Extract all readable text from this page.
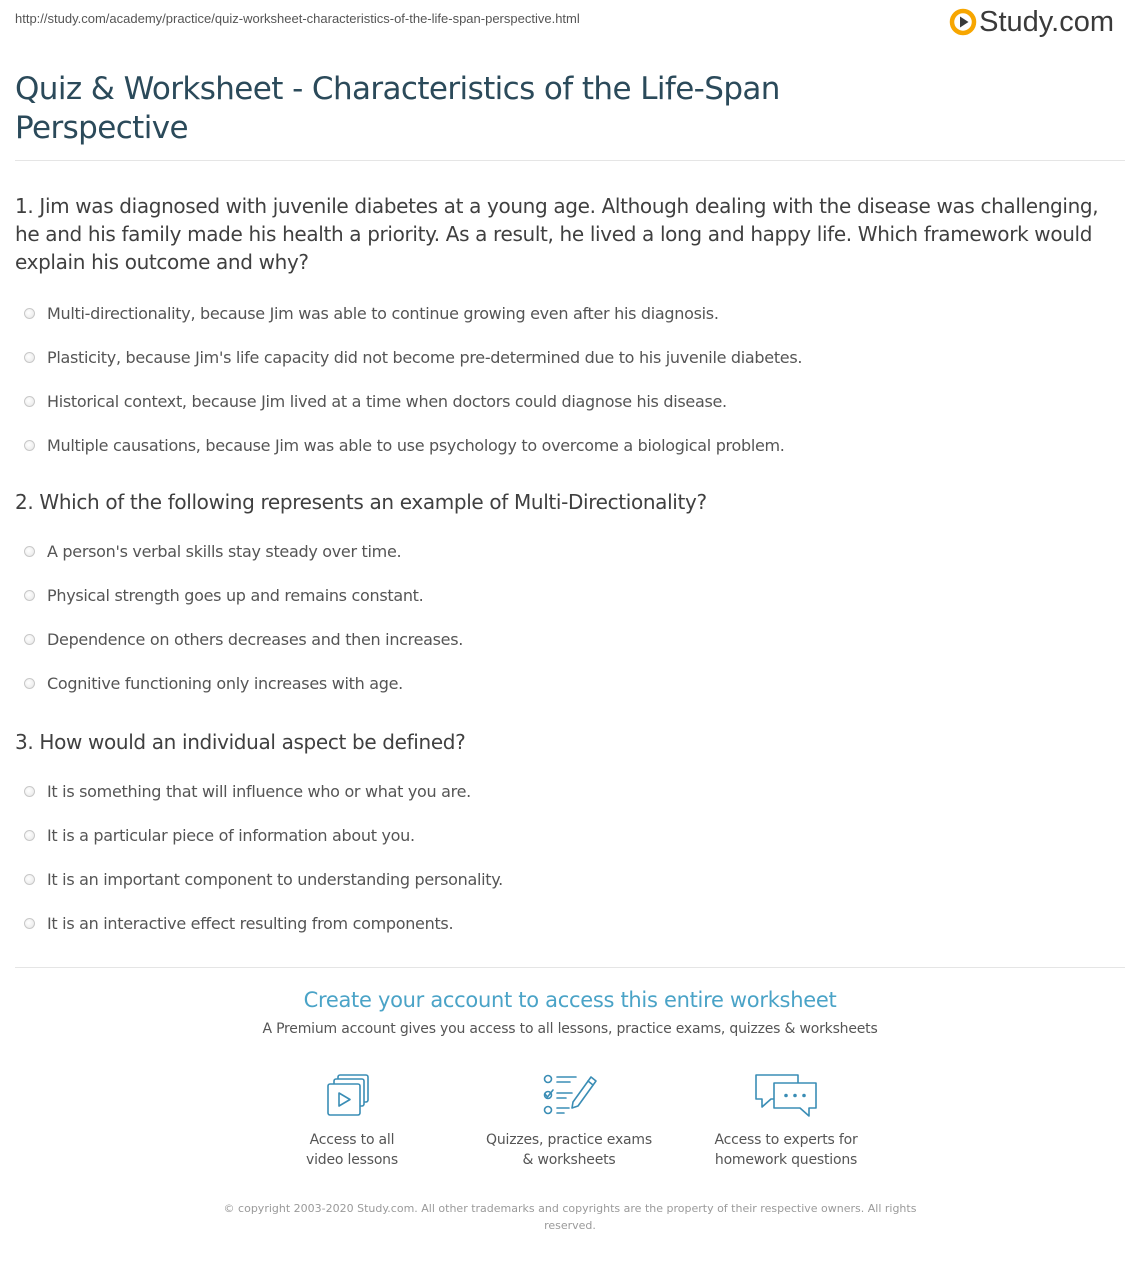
http://study.com/academy/practice/quiz-worksheet-characteristics-of-the-life-span-perspective.html	Study.com
Quiz & Worksheet - Characteristics of the Life-Span Perspective

1. Jim was diagnosed with juvenile diabetes at a young age. Although dealing with the disease was challenging, he and his family made his health a priority. As a result, he lived a long and happy life. Which framework would explain his outcome and why?

Multi-directionality, because Jim was able to continue growing even after his diagnosis.
Plasticity, because Jim's life capacity did not become pre-determined due to his juvenile diabetes.
Historical context, because Jim lived at a time when doctors could diagnose his disease.
Multiple causations, because Jim was able to use psychology to overcome a biological problem.

2. Which of the following represents an example of Multi-Directionality?

A person's verbal skills stay steady over time.
Physical strength goes up and remains constant.
Dependence on others decreases and then increases.
Cognitive functioning only increases with age.

3. How would an individual aspect be defined?

It is something that will influence who or what you are.
It is a particular piece of information about you.
It is an important component to understanding personality.
It is an interactive effect resulting from components.
Create your account to access this entire worksheet
A Premium account gives you access to all lessons, practice exams, quizzes & worksheets
Access to all
video lessons
Quizzes, practice exams
& worksheets
Access to experts for
homework questions
© copyright 2003-2020 Study.com. All other trademarks and copyrights are the property of their respective owners. All rights reserved.
